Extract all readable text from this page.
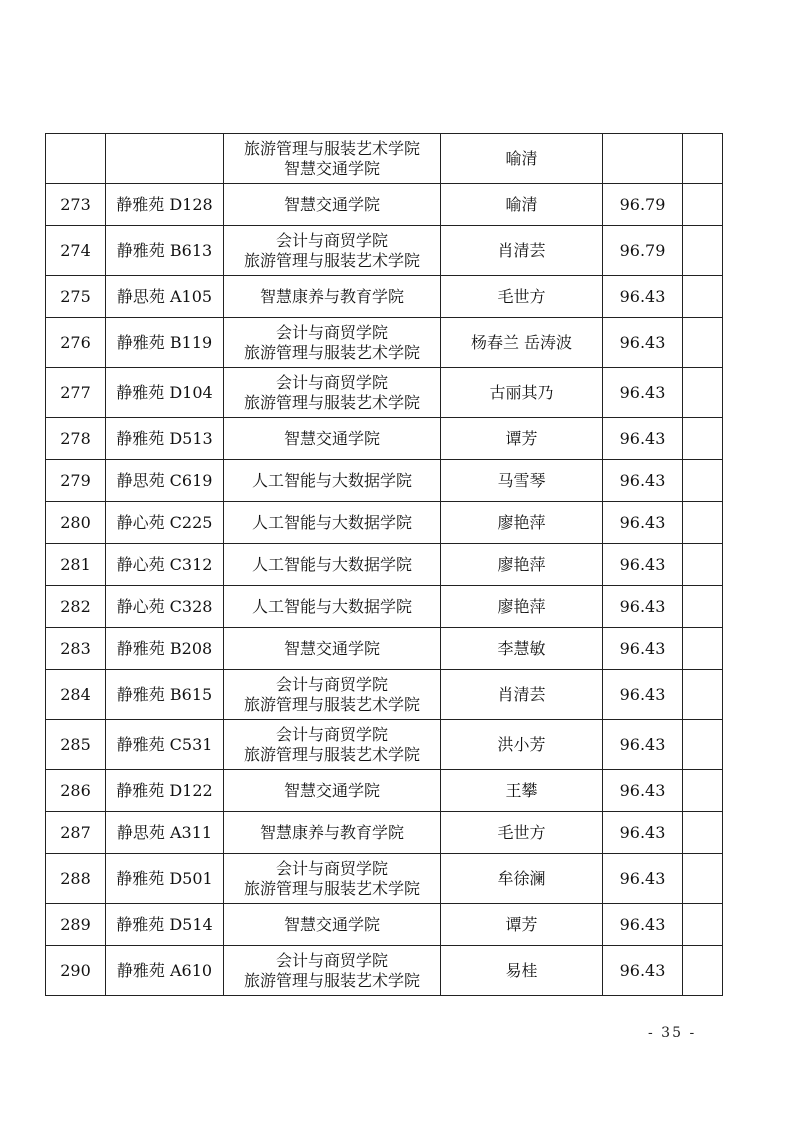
		旅游管理与服装艺术学院
智慧交通学院	喻清		
273	静雅苑 D128	智慧交通学院	喻清	96.79	
274	静雅苑 B613	会计与商贸学院
旅游管理与服装艺术学院	肖清芸	96.79	
275	静思苑 A105	智慧康养与教育学院	毛世方	96.43	
276	静雅苑 B119	会计与商贸学院
旅游管理与服装艺术学院	杨春兰 岳涛波	96.43	
277	静雅苑 D104	会计与商贸学院
旅游管理与服装艺术学院	古丽其乃	96.43	
278	静雅苑 D513	智慧交通学院	谭芳	96.43	
279	静思苑 C619	人工智能与大数据学院	马雪琴	96.43	
280	静心苑 C225	人工智能与大数据学院	廖艳萍	96.43	
281	静心苑 C312	人工智能与大数据学院	廖艳萍	96.43	
282	静心苑 C328	人工智能与大数据学院	廖艳萍	96.43	
283	静雅苑 B208	智慧交通学院	李慧敏	96.43	
284	静雅苑 B615	会计与商贸学院
旅游管理与服装艺术学院	肖清芸	96.43	
285	静雅苑 C531	会计与商贸学院
旅游管理与服装艺术学院	洪小芳	96.43	
286	静雅苑 D122	智慧交通学院	王攀	96.43	
287	静思苑 A311	智慧康养与教育学院	毛世方	96.43	
288	静雅苑 D501	会计与商贸学院
旅游管理与服装艺术学院	牟徐澜	96.43	
289	静雅苑 D514	智慧交通学院	谭芳	96.43	
290	静雅苑 A610	会计与商贸学院
旅游管理与服装艺术学院	易桂	96.43	
- 35 -
